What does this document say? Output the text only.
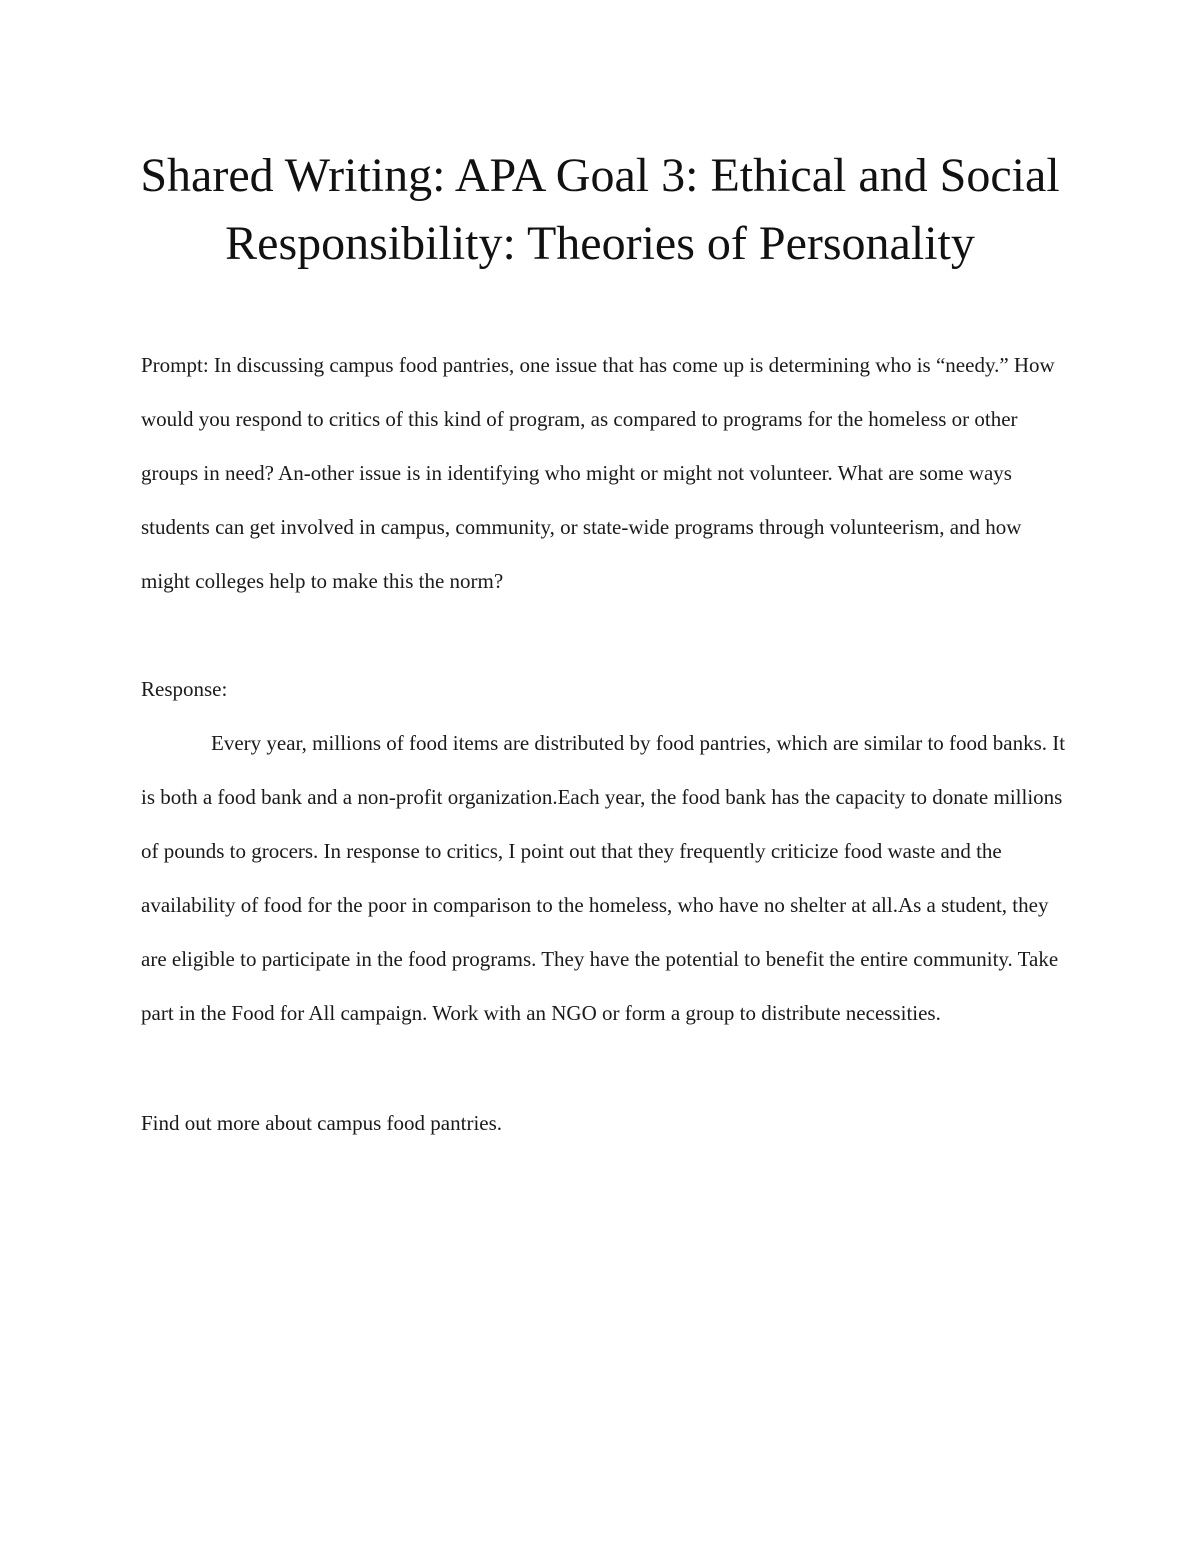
Shared Writing: APA Goal 3: Ethical and Social Responsibility: Theories of Personality

Prompt: In discussing campus food pantries, one issue that has come up is determining who is “needy.” How would you respond to critics of this kind of program, as compared to programs for the homeless or other groups in need? An-other issue is in identifying who might or might not volunteer. What are some ways students can get involved in campus, community, or state-wide programs through volunteerism, and how might colleges help to make this the norm?

Response:

Every year, millions of food items are distributed by food pantries, which are similar to food banks. It is both a food bank and a non-profit organization.Each year, the food bank has the capacity to donate millions of pounds to grocers. In response to critics, I point out that they frequently criticize food waste and the availability of food for the poor in comparison to the homeless, who have no shelter at all.As a student, they are eligible to participate in the food programs. They have the potential to benefit the entire community. Take part in the Food for All campaign. Work with an NGO or form a group to distribute necessities.

Find out more about campus food pantries.
